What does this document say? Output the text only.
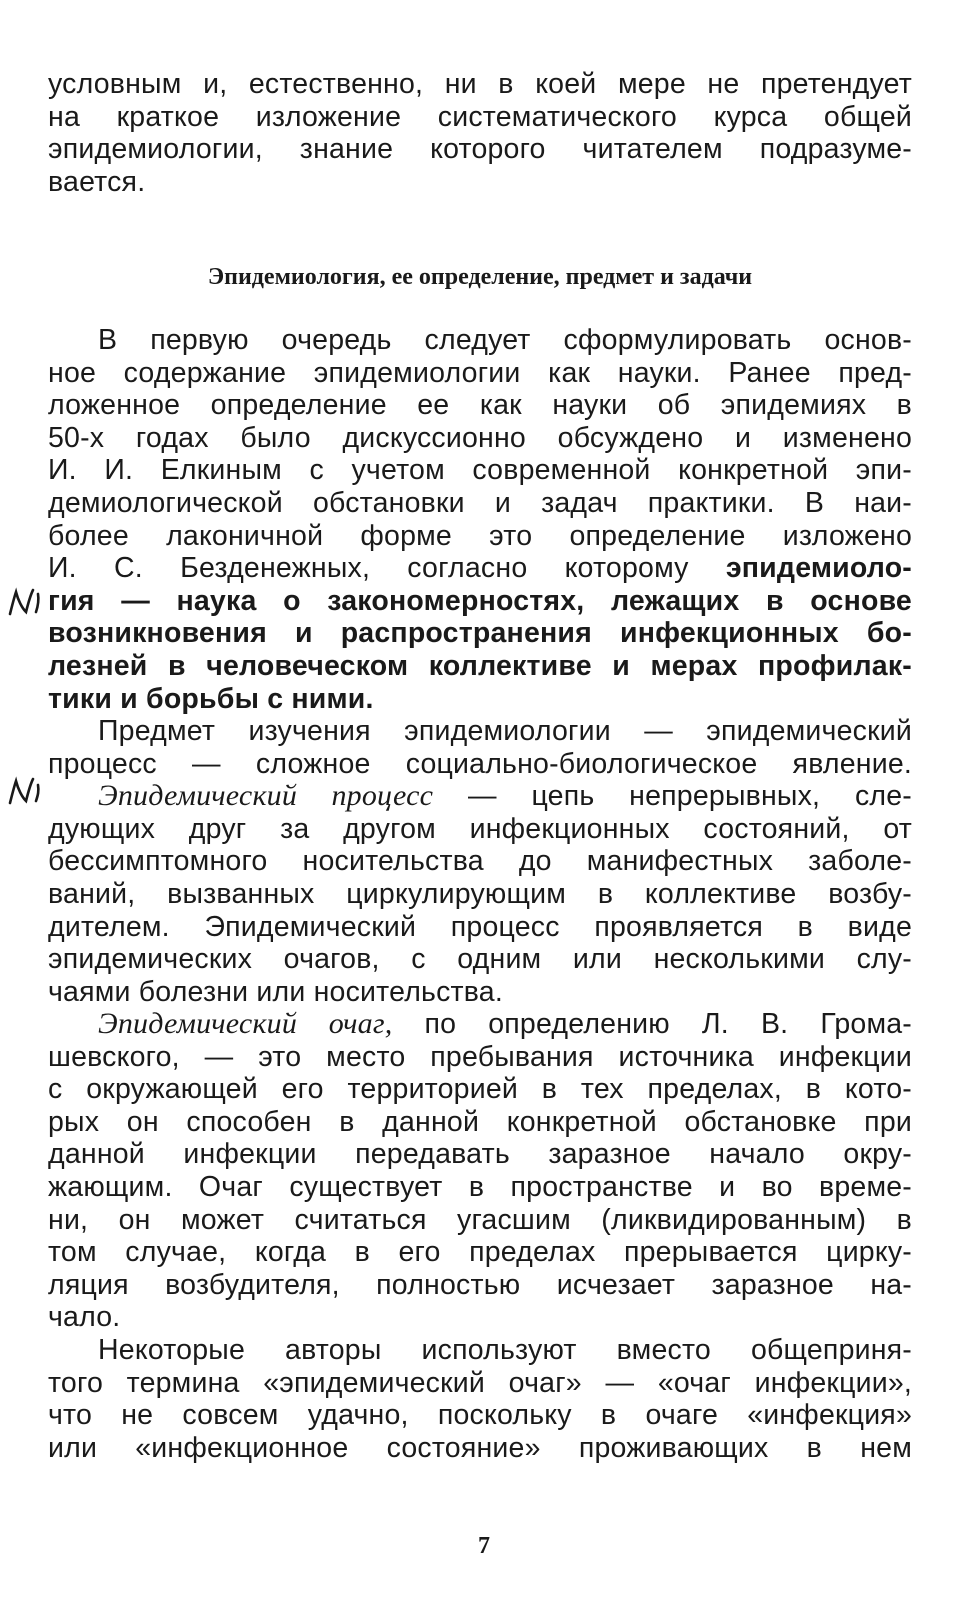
условным и, естественно, ни в коей мере не претендует
на краткое изложение систематического курса общей
эпидемиологии, знание которого читателем подразуме-
вается.
Эпидемиология, ее определение, предмет и задачи
В первую очередь следует сформулировать основ-
ное содержание эпидемиологии как науки. Ранее пред-
ложенное определение ее как науки об эпидемиях в
50-х годах было дискуссионно обсуждено и изменено
И. И. Елкиным с учетом современной конкретной эпи-
демиологической обстановки и задач практики. В наи-
более лаконичной форме это определение изложено
И. С. Безденежных, согласно которому эпидемиоло-
гия — наука о закономерностях, лежащих в основе
возникновения и распространения инфекционных бо-
лезней в человеческом коллективе и мерах профилак-
тики и борьбы с ними.
Предмет изучения эпидемиологии — эпидемический
процесс — сложное социально-биологическое явление.
Эпидемический процесс — цепь непрерывных, сле-
дующих друг за другом инфекционных состояний, от
бессимптомного носительства до манифестных заболе-
ваний, вызванных циркулирующим в коллективе возбу-
дителем. Эпидемический процесс проявляется в виде
эпидемических очагов, с одним или несколькими слу-
чаями болезни или носительства.
Эпидемический очаг, по определению Л. В. Грома-
шевского, — это место пребывания источника инфекции
с окружающей его территорией в тех пределах, в кото-
рых он способен в данной конкретной обстановке при
данной инфекции передавать заразное начало окру-
жающим. Очаг существует в пространстве и во време-
ни, он может считаться угасшим (ликвидированным) в
том случае, когда в его пределах прерывается цирку-
ляция возбудителя, полностью исчезает заразное на-
чало.
Некоторые авторы используют вместо общеприня-
того термина «эпидемический очаг» — «очаг инфекции»,
что не совсем удачно, поскольку в очаге «инфекция»
или «инфекционное состояние» проживающих в нем
7
